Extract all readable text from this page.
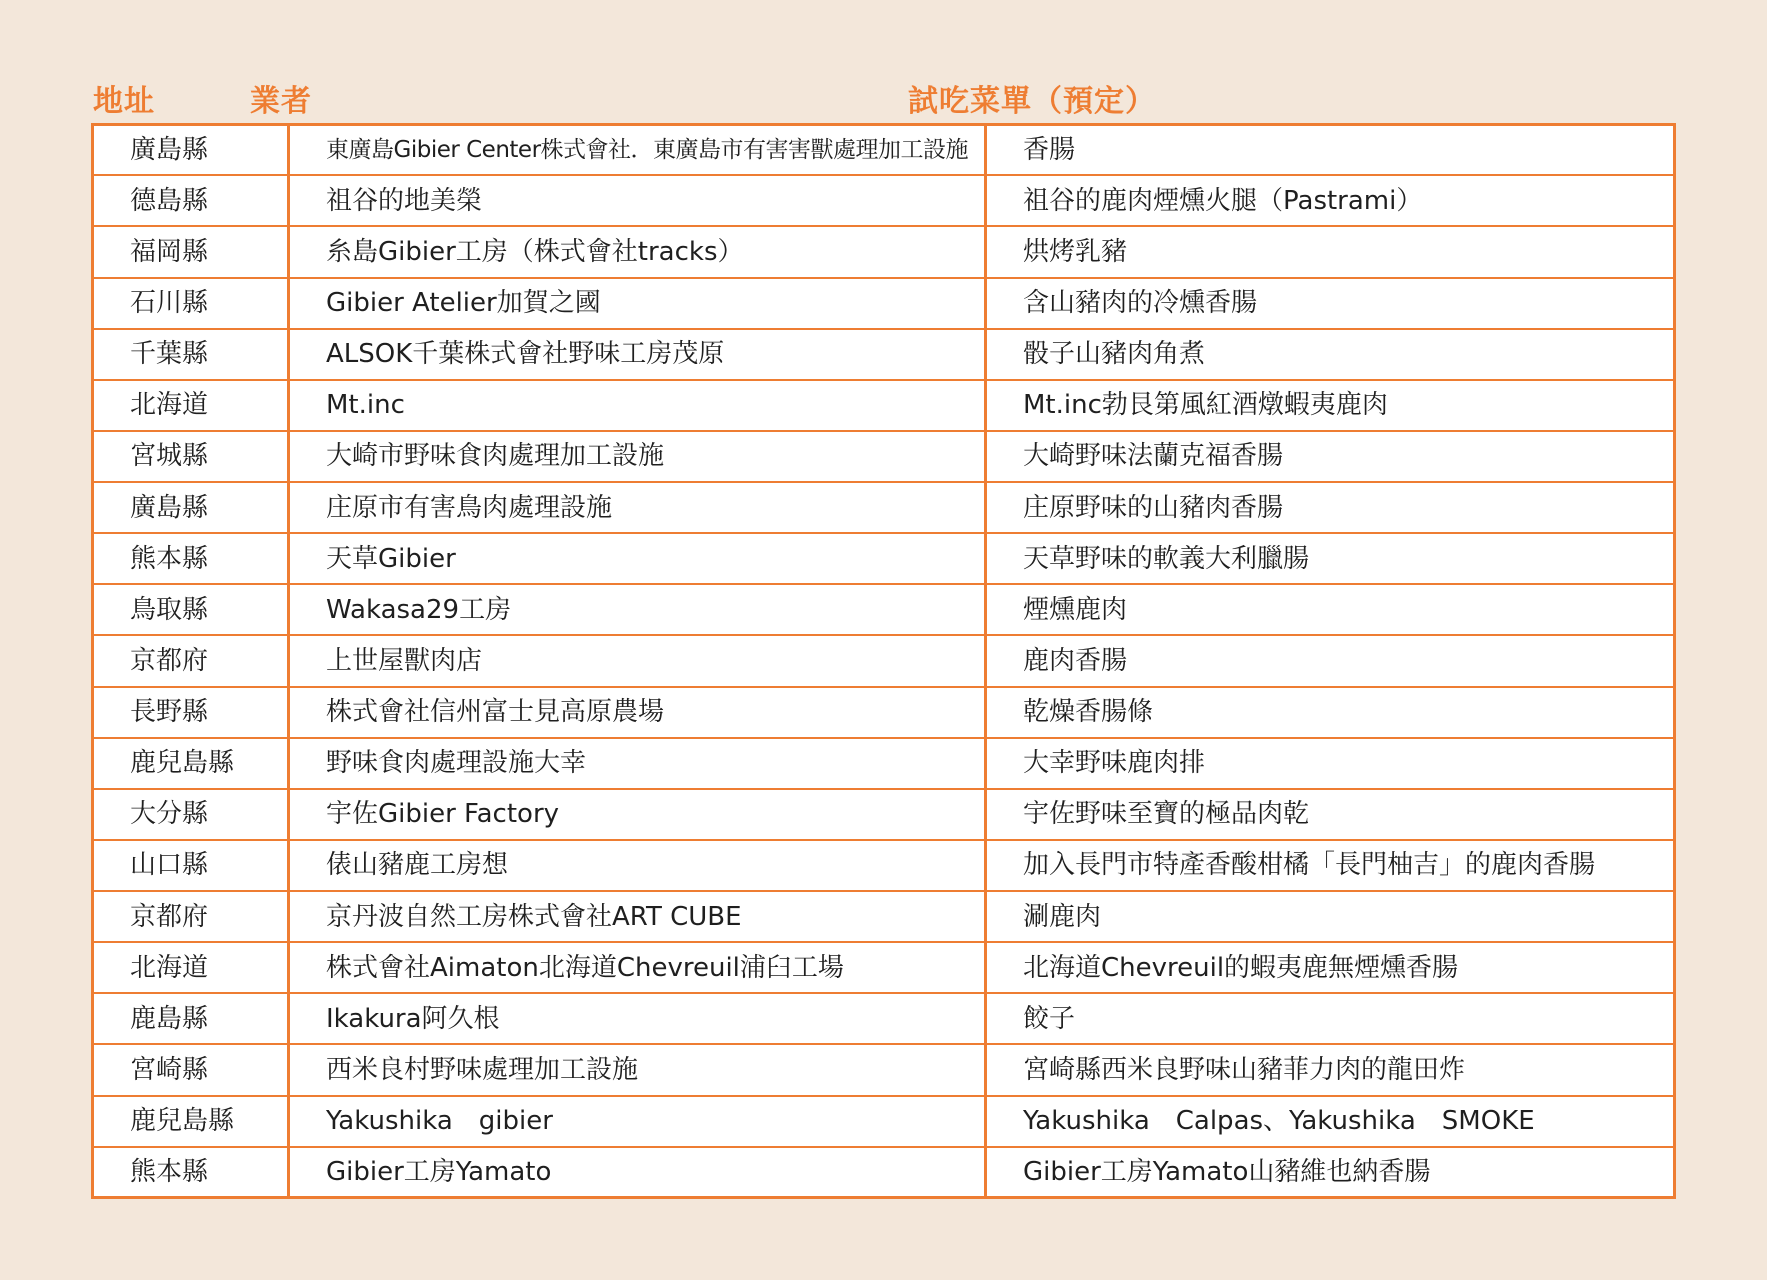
地址	業者	試吃菜單（預定）
廣島縣	東廣島Gibier Center株式會社．東廣島市有害害獸處理加工設施	香腸
德島縣	祖谷的地美榮	祖谷的鹿肉煙燻火腿（Pastrami）
福岡縣	糸島Gibier工房（株式會社tracks）	烘烤乳豬
石川縣	Gibier Atelier加賀之國	含山豬肉的冷燻香腸
千葉縣	ALSOK千葉株式會社野味工房茂原	骰子山豬肉角煮
北海道	Mt.inc	Mt.inc勃艮第風紅酒燉蝦夷鹿肉
宮城縣	大崎市野味食肉處理加工設施	大崎野味法蘭克福香腸
廣島縣	庄原市有害鳥肉處理設施	庄原野味的山豬肉香腸
熊本縣	天草Gibier	天草野味的軟義大利臘腸
鳥取縣	Wakasa29工房	煙燻鹿肉
京都府	上世屋獸肉店	鹿肉香腸
長野縣	株式會社信州富士見高原農場	乾燥香腸條
鹿兒島縣	野味食肉處理設施大幸	大幸野味鹿肉排
大分縣	宇佐Gibier Factory	宇佐野味至寶的極品肉乾
山口縣	俵山豬鹿工房想	加入長門市特產香酸柑橘「長門柚吉」的鹿肉香腸
京都府	京丹波自然工房株式會社ART CUBE	涮鹿肉
北海道	株式會社Aimaton北海道Chevreuil浦臼工場	北海道Chevreuil的蝦夷鹿無煙燻香腸
鹿島縣	Ikakura阿久根	餃子
宮崎縣	西米良村野味處理加工設施	宮崎縣西米良野味山豬菲力肉的龍田炸
鹿兒島縣	Yakushika　gibier	Yakushika　Calpas、Yakushika　SMOKE
熊本縣	Gibier工房Yamato	Gibier工房Yamato山豬維也納香腸
